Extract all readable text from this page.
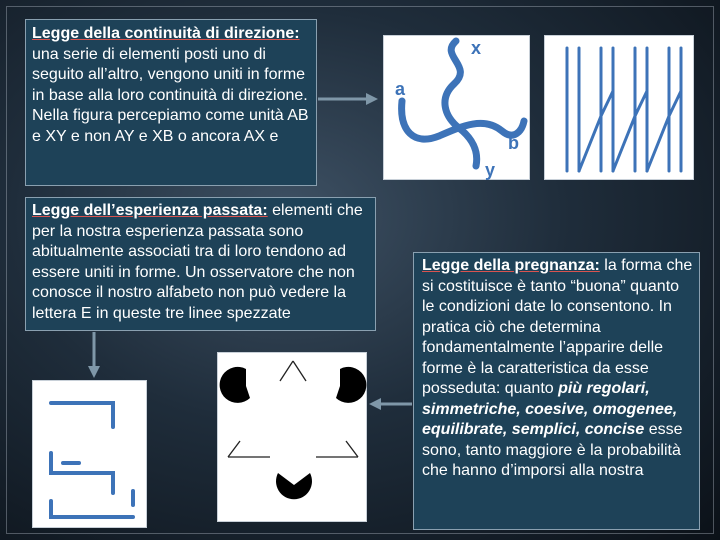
Legge della continuità di direzione: una serie di elementi posti uno di seguito all’altro, vengono uniti in forme in base alla loro continuità di direzione. Nella figura percepiamo come unità AB e XY e non AY e XB o ancora AX e
x
a
b
y
Legge dell’esperienza passata: elementi che per la nostra esperienza passata sono abitualmente associati tra di loro tendono ad essere uniti in forme. Un osservatore che non conosce il nostro alfabeto non può vedere la lettera E in queste tre linee spezzate
Legge della pregnanza: la forma che si costituisce è tanto “buona” quanto le condizioni date lo consentono. In pratica ciò che determina fondamentalmente l’apparire delle forme è la caratteristica da esse posseduta: quanto più regolari, simmetriche, coesive, omogenee, equilibrate, semplici, concise esse sono, tanto maggiore è la probabilità che hanno d’imporsi alla nostra
